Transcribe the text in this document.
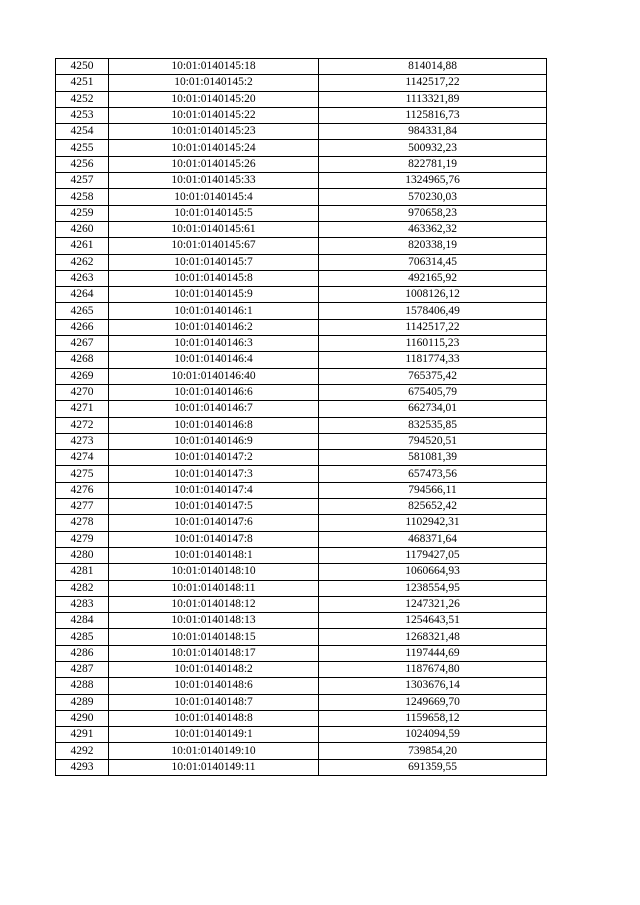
4250	10:01:0140145:18	814014,88
4251	10:01:0140145:2	1142517,22
4252	10:01:0140145:20	1113321,89
4253	10:01:0140145:22	1125816,73
4254	10:01:0140145:23	984331,84
4255	10:01:0140145:24	500932,23
4256	10:01:0140145:26	822781,19
4257	10:01:0140145:33	1324965,76
4258	10:01:0140145:4	570230,03
4259	10:01:0140145:5	970658,23
4260	10:01:0140145:61	463362,32
4261	10:01:0140145:67	820338,19
4262	10:01:0140145:7	706314,45
4263	10:01:0140145:8	492165,92
4264	10:01:0140145:9	1008126,12
4265	10:01:0140146:1	1578406,49
4266	10:01:0140146:2	1142517,22
4267	10:01:0140146:3	1160115,23
4268	10:01:0140146:4	1181774,33
4269	10:01:0140146:40	765375,42
4270	10:01:0140146:6	675405,79
4271	10:01:0140146:7	662734,01
4272	10:01:0140146:8	832535,85
4273	10:01:0140146:9	794520,51
4274	10:01:0140147:2	581081,39
4275	10:01:0140147:3	657473,56
4276	10:01:0140147:4	794566,11
4277	10:01:0140147:5	825652,42
4278	10:01:0140147:6	1102942,31
4279	10:01:0140147:8	468371,64
4280	10:01:0140148:1	1179427,05
4281	10:01:0140148:10	1060664,93
4282	10:01:0140148:11	1238554,95
4283	10:01:0140148:12	1247321,26
4284	10:01:0140148:13	1254643,51
4285	10:01:0140148:15	1268321,48
4286	10:01:0140148:17	1197444,69
4287	10:01:0140148:2	1187674,80
4288	10:01:0140148:6	1303676,14
4289	10:01:0140148:7	1249669,70
4290	10:01:0140148:8	1159658,12
4291	10:01:0140149:1	1024094,59
4292	10:01:0140149:10	739854,20
4293	10:01:0140149:11	691359,55
